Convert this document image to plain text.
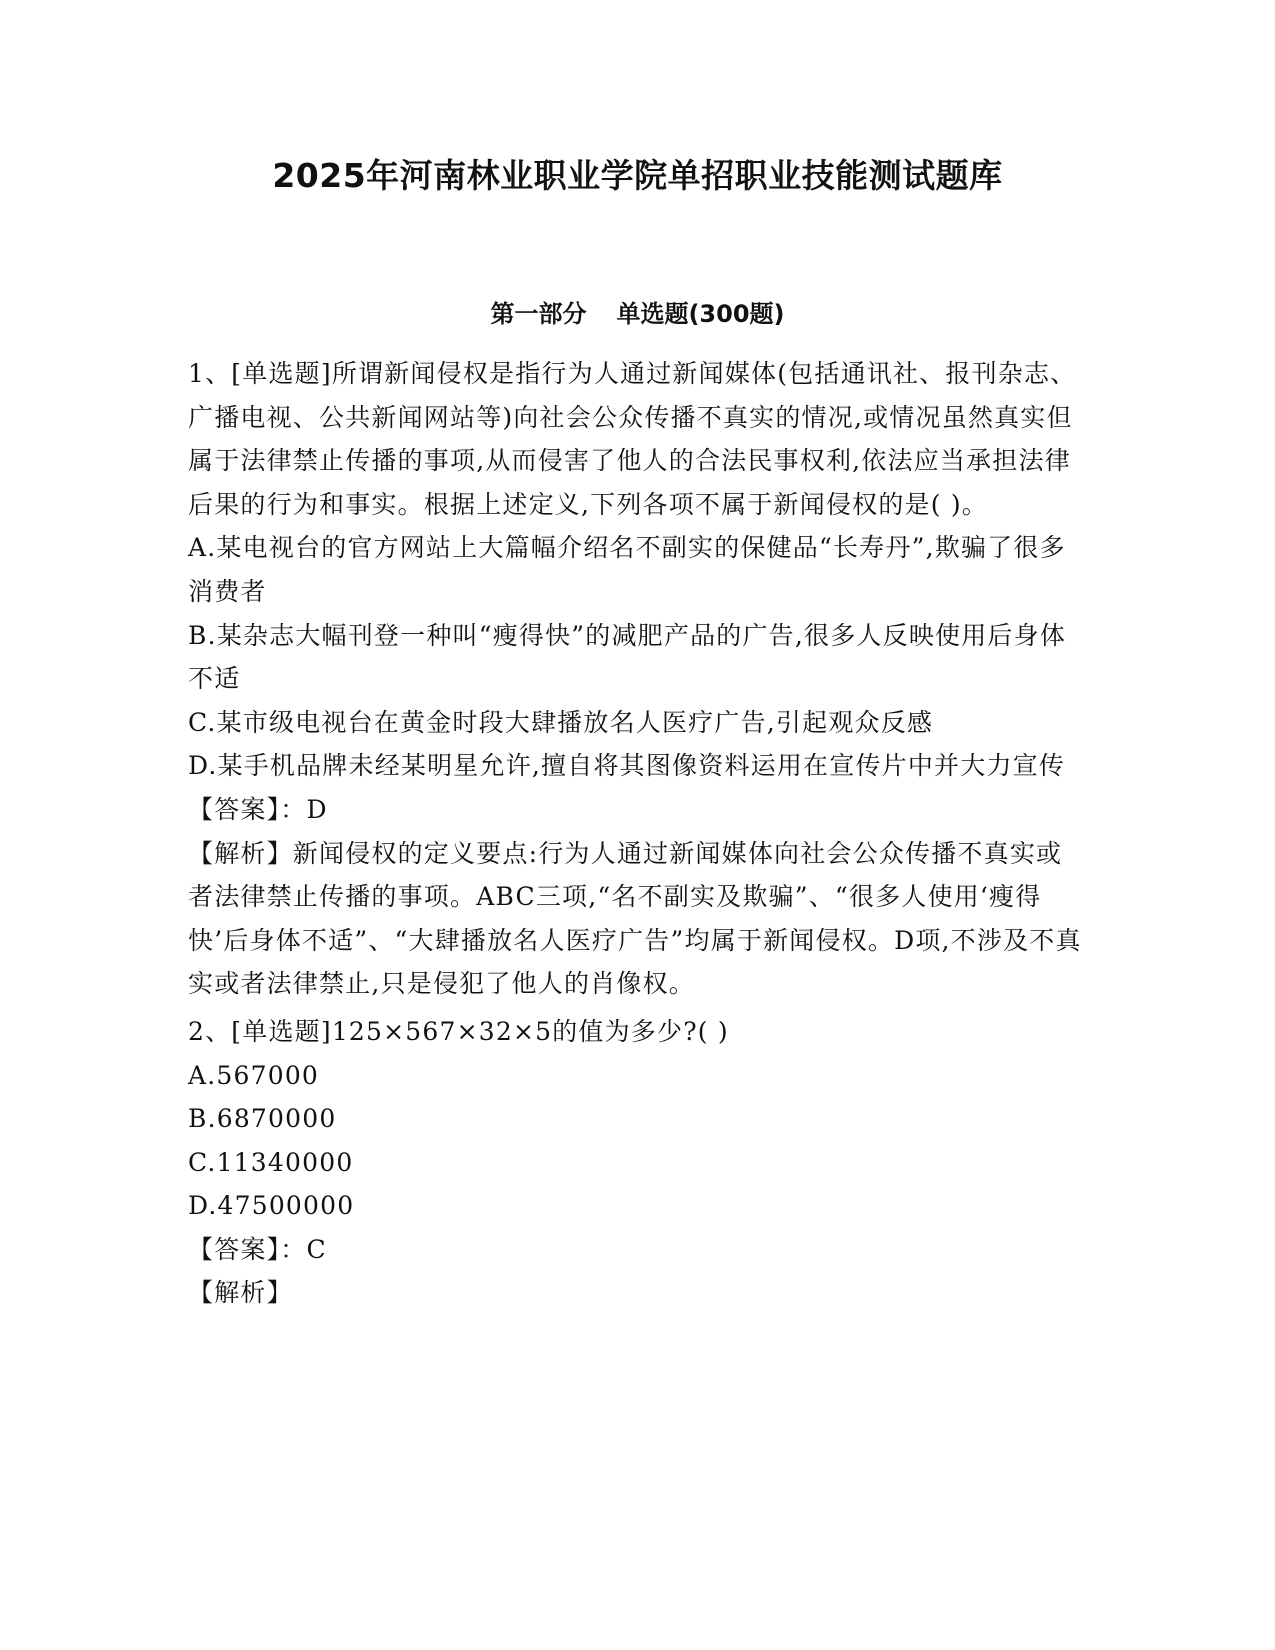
2025年河南林业职业学院单招职业技能测试题库
第一部分 单选题(300题)

1、[单选题]所谓新闻侵权是指行为人通过新闻媒体(包括通讯社、报刊杂志、广播电视、公共新闻网站等)向社会公众传播不真实的情况,或情况虽然真实但属于法律禁止传播的事项,从而侵害了他人的合法民事权利,依法应当承担法律后果的行为和事实。根据上述定义,下列各项不属于新闻侵权的是( )。

A.某电视台的官方网站上大篇幅介绍名不副实的保健品“长寿丹”,欺骗了很多消费者

B.某杂志大幅刊登一种叫“瘦得快”的减肥产品的广告,很多人反映使用后身体不适

C.某市级电视台在黄金时段大肆播放名人医疗广告,引起观众反感

D.某手机品牌未经某明星允许,擅自将其图像资料运用在宣传片中并大力宣传

【答案】：D

【解析】新闻侵权的定义要点:行为人通过新闻媒体向社会公众传播不真实或者法律禁止传播的事项。ABC三项,“名不副实及欺骗”、“很多人使用‘瘦得快’后身体不适”、“大肆播放名人医疗广告”均属于新闻侵权。D项,不涉及不真实或者法律禁止,只是侵犯了他人的肖像权。

2、[单选题]125×567×32×5的值为多少?( )

A.567000

B.6870000

C.11340000

D.47500000

【答案】：C

【解析】
